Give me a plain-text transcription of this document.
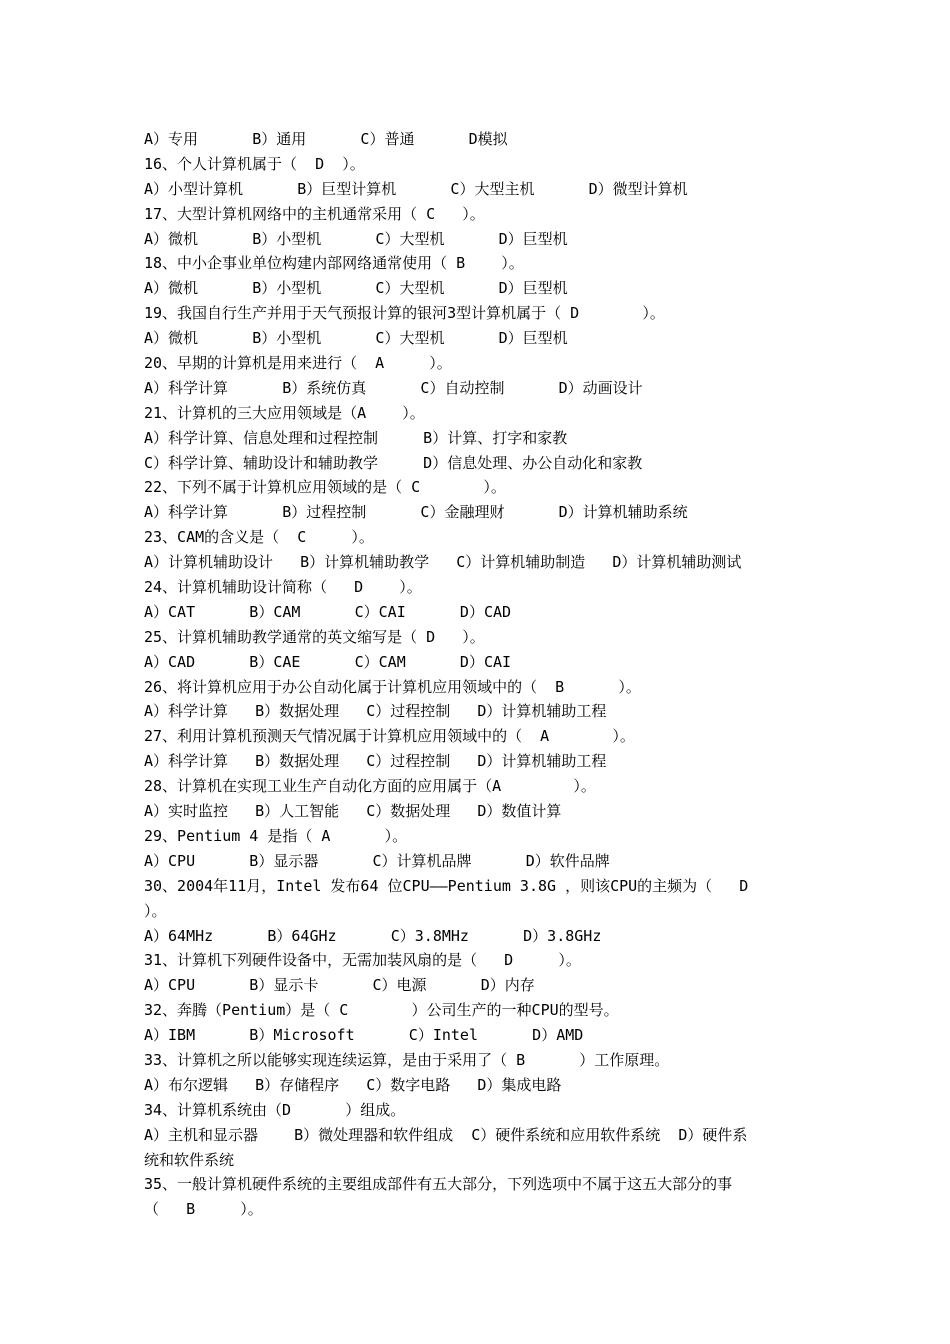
A）专用      B）通用      C）普通      D模拟
16、个人计算机属于（  D  ）。
A）小型计算机      B）巨型计算机      C）大型主机      D）微型计算机
17、大型计算机网络中的主机通常采用（ C   ）。
A）微机      B）小型机      C）大型机      D）巨型机
18、中小企事业单位构建内部网络通常使用（ B    ）。
A）微机      B）小型机      C）大型机      D）巨型机
19、我国自行生产并用于天气预报计算的银河3型计算机属于（ D       ）。
A）微机      B）小型机      C）大型机      D）巨型机
20、早期的计算机是用来进行（  A     ）。
A）科学计算      B）系统仿真      C）自动控制      D）动画设计
21、计算机的三大应用领域是（A    ）。
A）科学计算、信息处理和过程控制     B）计算、打字和家教
C）科学计算、辅助设计和辅助教学     D）信息处理、办公自动化和家教
22、下列不属于计算机应用领域的是（ C       ）。
A）科学计算      B）过程控制      C）金融理财      D）计算机辅助系统
23、CAM的含义是（  C     ）。
A）计算机辅助设计   B）计算机辅助教学   C）计算机辅助制造   D）计算机辅助测试
24、计算机辅助设计简称（   D    ）。
A）CAT      B）CAM      C）CAI      D）CAD
25、计算机辅助教学通常的英文缩写是（ D   ）。
A）CAD      B）CAE      C）CAM      D）CAI
26、将计算机应用于办公自动化属于计算机应用领域中的（  B      ）。
A）科学计算   B）数据处理   C）过程控制   D）计算机辅助工程
27、利用计算机预测天气情况属于计算机应用领域中的（  A       ）。
A）科学计算   B）数据处理   C）过程控制   D）计算机辅助工程
28、计算机在实现工业生产自动化方面的应用属于（A        ）。
A）实时监控   B）人工智能   C）数据处理   D）数值计算
29、Pentium 4 是指（ A      ）。
A）CPU      B）显示器      C）计算机品牌      D）软件品牌
30、2004年11月，Intel 发布64 位CPU——Pentium 3.8G ，则该CPU的主频为（   D
）。
A）64MHz      B）64GHz      C）3.8MHz      D）3.8GHz
31、计算机下列硬件设备中，无需加装风扇的是（   D     ）。
A）CPU      B）显示卡      C）电源      D）内存
32、奔腾（Pentium）是（ C       ）公司生产的一种CPU的型号。
A）IBM      B）Microsoft      C）Intel      D）AMD
33、计算机之所以能够实现连续运算，是由于采用了（ B      ）工作原理。
A）布尔逻辑   B）存储程序   C）数字电路   D）集成电路
34、计算机系统由（D      ）组成。
A）主机和显示器    B）微处理器和软件组成  C）硬件系统和应用软件系统  D）硬件系
统和软件系统
35、一般计算机硬件系统的主要组成部件有五大部分，下列选项中不属于这五大部分的事
（   B     ）。
